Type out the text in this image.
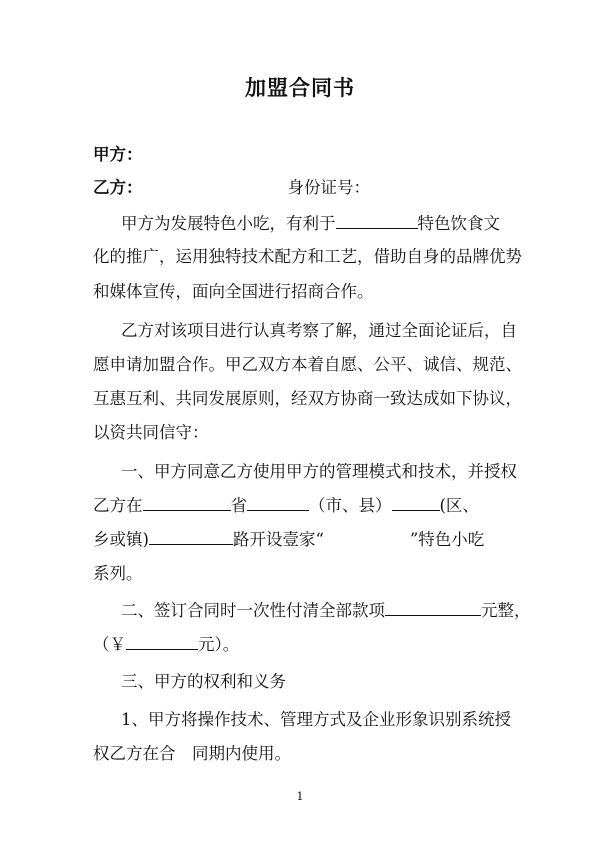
加盟合同书
甲方：
乙方：	身份证号：
甲方为发展特色小吃，有利于	特色饮食文
化的推广，运用独特技术配方和工艺，借助自身的品牌优势
和媒体宣传，面向全国进行招商合作。
乙方对该项目进行认真考察了解，通过全面论证后，自
愿申请加盟合作。甲乙双方本着自愿、公平、诚信、规范、
互惠互利、共同发展原则，经双方协商一致达成如下协议，
以资共同信守：
一、甲方同意乙方使用甲方的管理模式和技术，并授权
乙方在	省	（市、县）	(区、
乡或镇)	路开设壹家“	”特色小吃
系列。
二、签订合同时一次性付清全部款项	元整，
（￥	元）。
三、甲方的权利和义务
1、甲方将操作技术、管理方式及企业形象识别系统授
权乙方在合　同期内使用。
1
